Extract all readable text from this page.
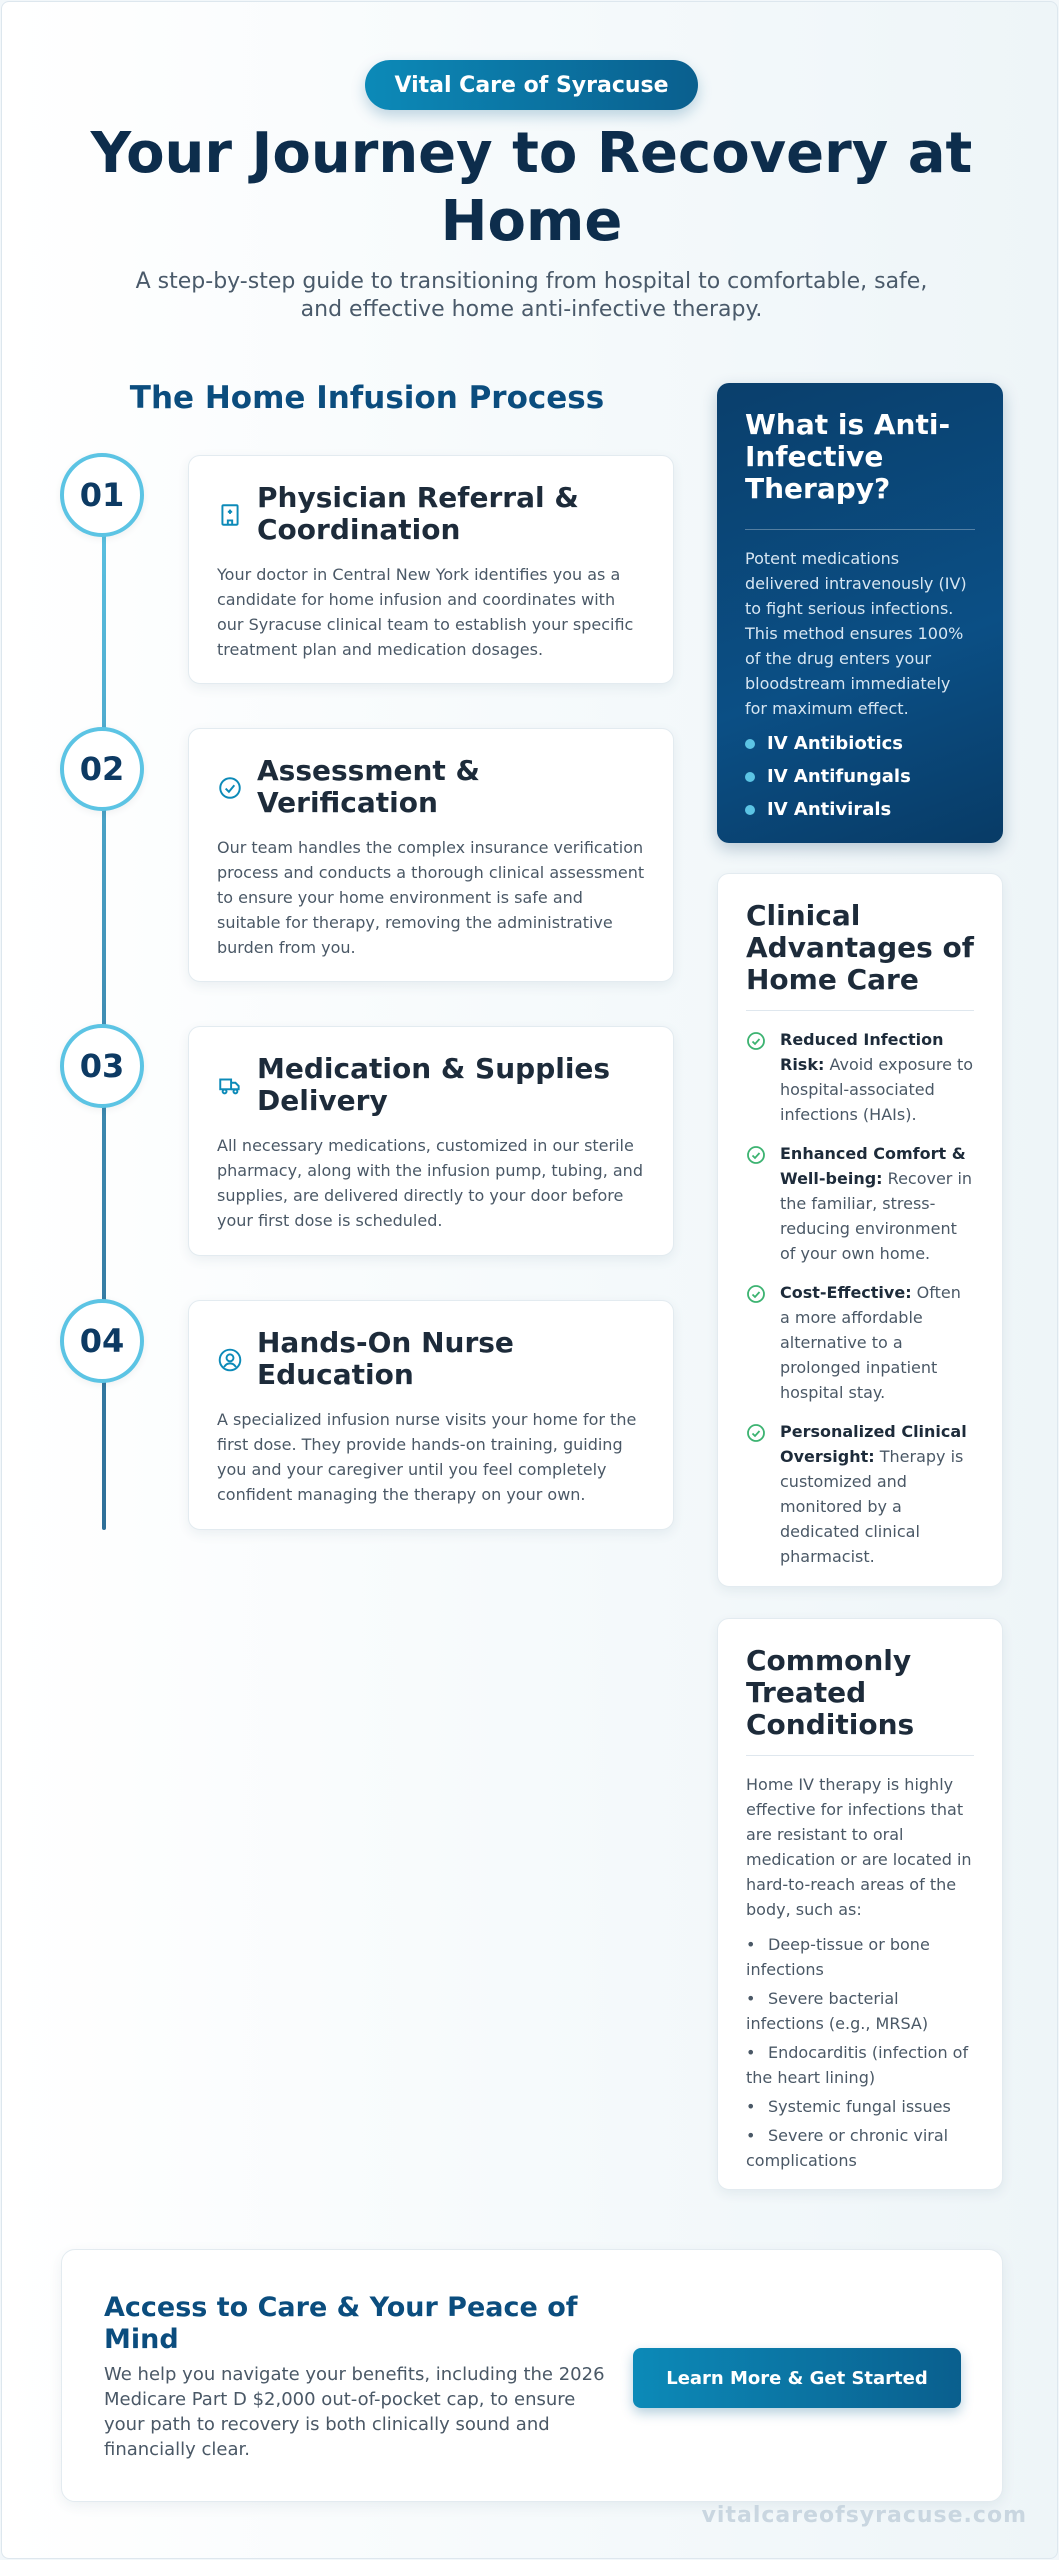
Vital Care of Syracuse
Your Journey to Recovery at Home

A step-by-step guide to transitioning from hospital to comfortable, safe, and effective home anti-infective therapy.

The Home Infusion Process
01	Physician Referral & Coordination

Your doctor in Central New York identifies you as a candidate for home infusion and coordinates with our Syracuse clinical team to establish your specific treatment plan and medication dosages.

02	Assessment & Verification

Our team handles the complex insurance verification process and conducts a thorough clinical assessment to ensure your home environment is safe and suitable for therapy, removing the administrative burden from you.

03	Medication & Supplies Delivery

All necessary medications, customized in our sterile pharmacy, along with the infusion pump, tubing, and supplies, are delivered directly to your door before your first dose is scheduled.

04	Hands-On Nurse Education

A specialized infusion nurse visits your home for the first dose. They provide hands-on training, guiding you and your caregiver until you feel completely confident managing the therapy on your own.

What is Anti-Infective Therapy?

Potent medications delivered intravenously (IV) to fight serious infections. This method ensures 100% of the drug enters your bloodstream immediately for maximum effect.

IV Antibiotics
IV Antifungals
IV Antivirals
Clinical Advantages of Home Care

Reduced Infection Risk: Avoid exposure to hospital-associated infections (HAIs).

Enhanced Comfort & Well-being: Recover in the familiar, stress-reducing environment of your own home.

Cost-Effective: Often a more affordable alternative to a prolonged inpatient hospital stay.

Personalized Clinical Oversight: Therapy is customized and monitored by a dedicated clinical pharmacist.

Commonly Treated Conditions

Home IV therapy is highly effective for infections that are resistant to oral medication or are located in hard-to-reach areas of the body, such as:

• Deep-tissue or bone infections
• Severe bacterial infections (e.g., MRSA)
• Endocarditis (infection of the heart lining)
• Systemic fungal issues
• Severe or chronic viral complications
Access to Care & Your Peace of Mind

We help you navigate your benefits, including the 2026 Medicare Part D $2,000 out-of-pocket cap, to ensure your path to recovery is both clinically sound and financially clear.

Learn More & Get Started
vitalcareofsyracuse.com
